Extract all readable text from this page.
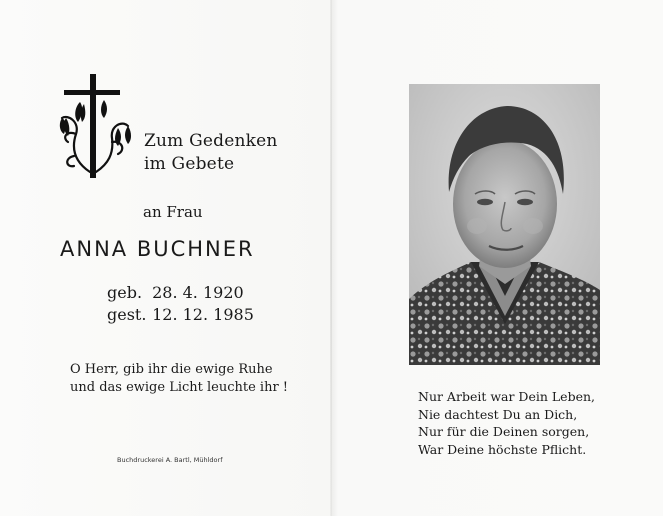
Zum Gedenken
im Gebete
an Frau
ANNA BUCHNER
geb. 28. 4. 1920
gest. 12. 12. 1985
O Herr, gib ihr die ewige Ruhe
und das ewige Licht leuchte ihr !
Buchdruckerei A. Bartl, Mühldorf
Nur Arbeit war Dein Leben,
Nie dachtest Du an Dich,
Nur für die Deinen sorgen,
War Deine höchste Pflicht.
